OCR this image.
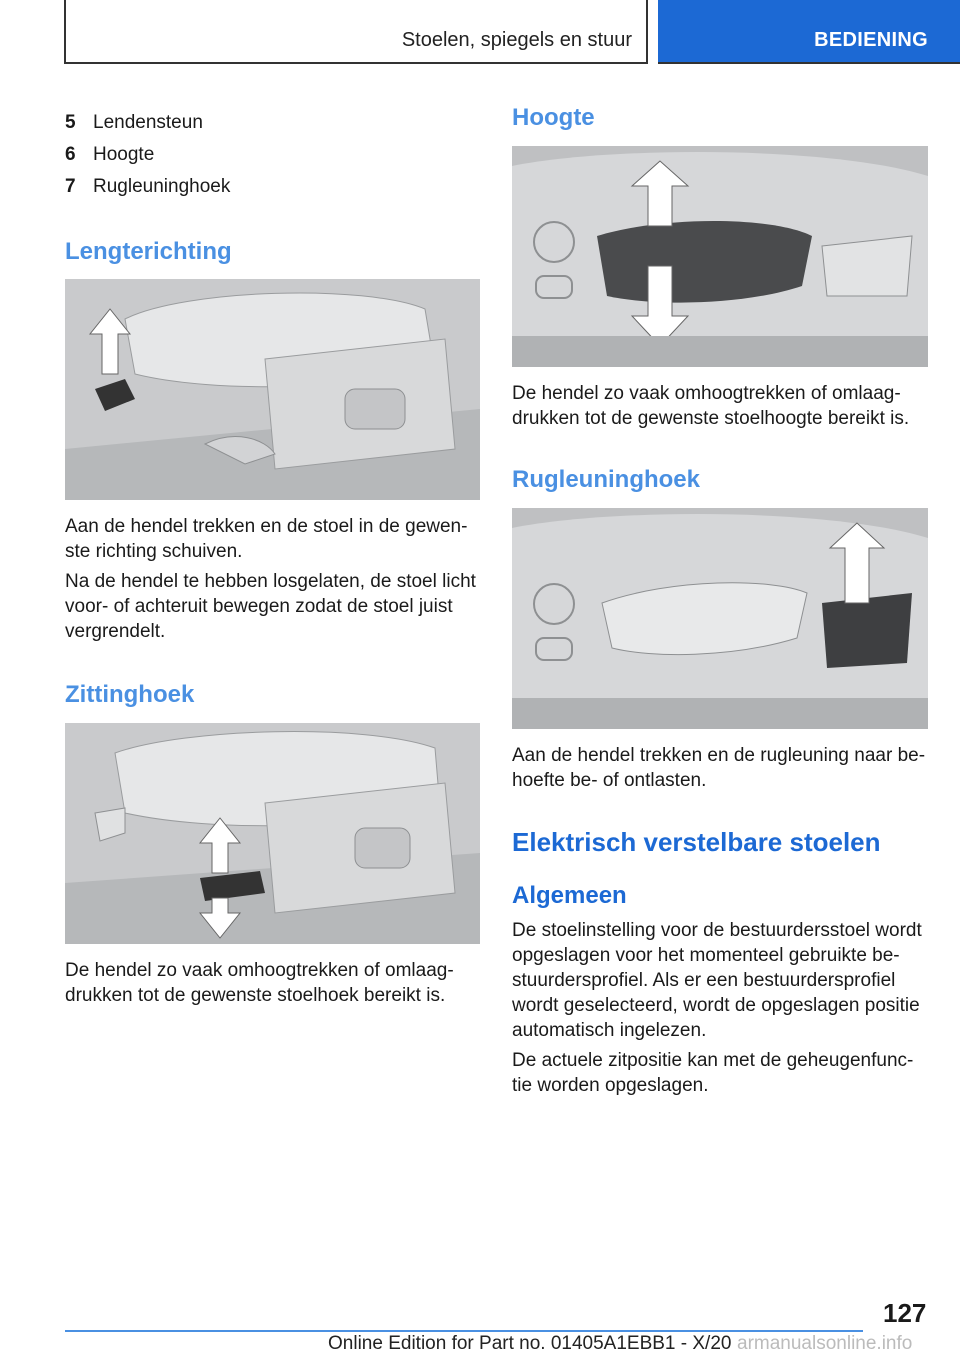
Stoelen, spiegels en stuur	BEDIENING
5 Lendensteun
6 Hoogte
7 Rugleuninghoek
Lengterichting

Aan de hendel trekken en de stoel in de gewen‐ ste richting schuiven.

Na de hendel te hebben losgelaten, de stoel licht voor- of achteruit bewegen zodat de stoel juist vergrendelt.

Zittinghoek

De hendel zo vaak omhoogtrekken of omlaag‐ drukken tot de gewenste stoelhoek bereikt is.

Hoogte

De hendel zo vaak omhoogtrekken of omlaag‐ drukken tot de gewenste stoelhoogte bereikt is.

Rugleuninghoek

Aan de hendel trekken en de rugleuning naar be‐ hoefte be- of ontlasten.

Elektrisch verstelbare stoelen
Algemeen

De stoelinstelling voor de bestuurdersstoel wordt opgeslagen voor het momenteel gebruikte be‐ stuurdersprofiel. Als er een bestuurdersprofiel wordt geselecteerd, wordt de opgeslagen positie automatisch ingelezen.

De actuele zitpositie kan met de geheugenfunc‐ tie worden opgeslagen.

127
Online Edition for Part no. 01405A1EBB1 - X/20 armanualsonline.info
